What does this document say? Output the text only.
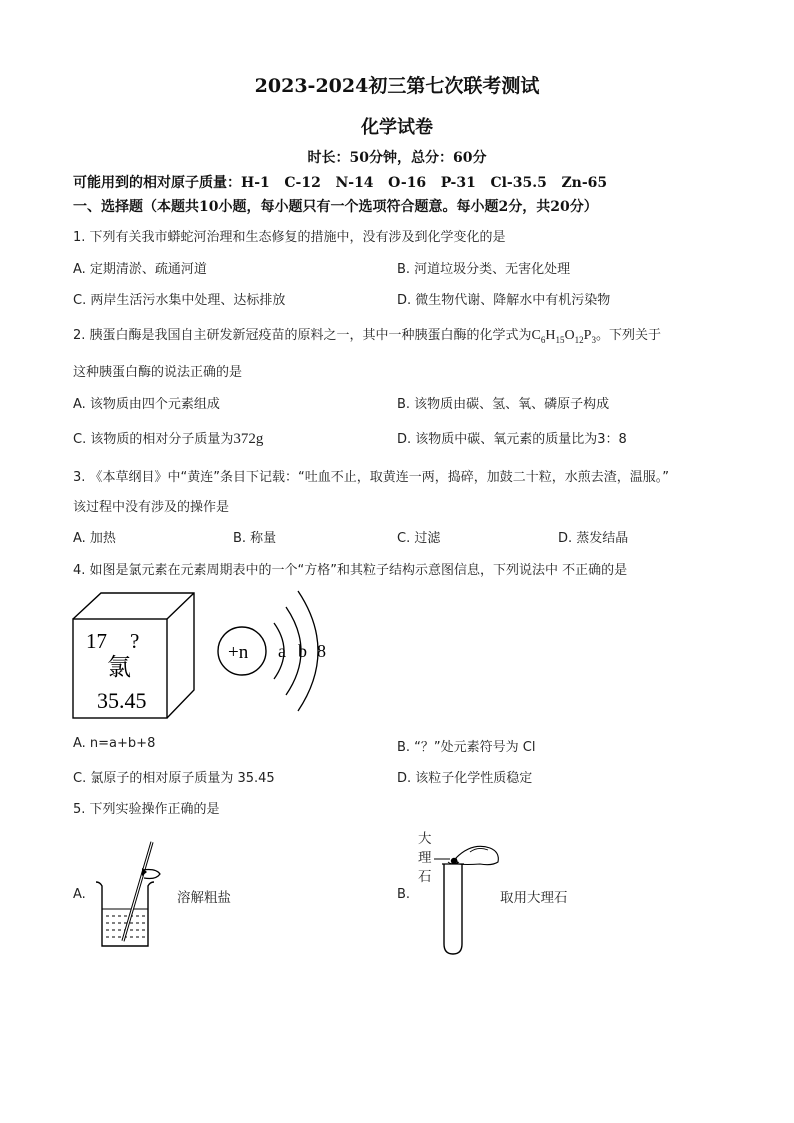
2023-2024初三第七次联考测试
化学试卷
时长：50分钟，总分：60分
可能用到的相对原子质量：H-1   C-12   N-14   O-16   P-31   Cl-35.5   Zn-65
一、选择题（本题共10小题，每小题只有一个选项符合题意。每小题2分，共20分）
1. 下列有关我市蟒蛇河治理和生态修复的措施中，没有涉及到化学变化的是
A. 定期清淤、疏通河道	B. 河道垃圾分类、无害化处理
C. 两岸生活污水集中处理、达标排放	D. 微生物代谢、降解水中有机污染物
2. 胰蛋白酶是我国自主研发新冠疫苗的原料之一，其中一种胰蛋白酶的化学式为$C_6H_{15}O_{12}P_3$。下列关于
这种胰蛋白酶的说法正确的是
A. 该物质由四个元素组成	B. 该物质由碳、氢、氧、磷原子构成
C. 该物质的相对分子质量为372g	D. 该物质中碳、氧元素的质量比为3：8
3. 《本草纲目》中“黄连”条目下记载：“吐血不止，取黄连一两，捣碎，加鼓二十粒，水煎去渣，温服。”
该过程中没有涉及的操作是
A. 加热	B. 称量	C. 过滤	D. 蒸发结晶
4. 如图是氯元素在元素周期表中的一个“方格”和其粒子结构示意图信息，下列说法中 不正确的是
17 ?
氯
35.45
+n a b 8
A. n=a+b+8	B. “？”处元素符号为 Cl
C. 氯原子的相对原子质量为 35.45	D. 该粒子化学性质稳定
5. 下列实验操作正确的是
A.	溶解粗盐	B.
大
理
石
取用大理石
